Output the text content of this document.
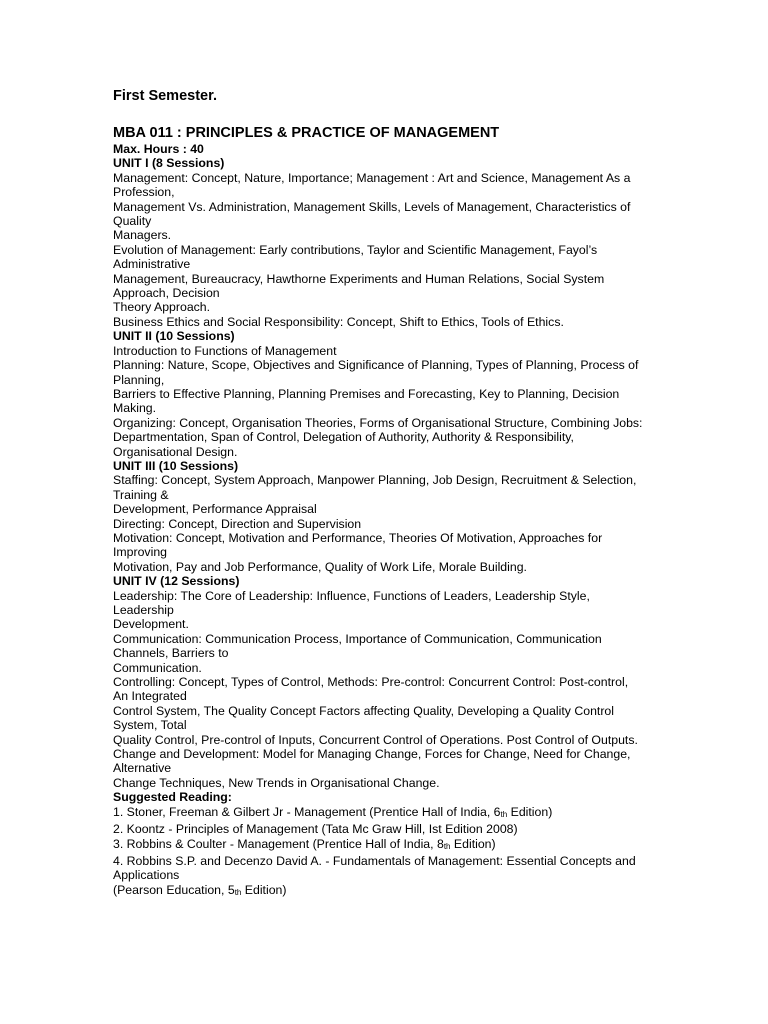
First Semester.
MBA 011 : PRINCIPLES & PRACTICE OF MANAGEMENT
Max. Hours : 40
UNIT I (8 Sessions)
Management: Concept, Nature, Importance; Management : Art and Science, Management As a
Profession,
Management Vs. Administration, Management Skills, Levels of Management, Characteristics of
Quality
Managers.
Evolution of Management: Early contributions, Taylor and Scientific Management, Fayol’s
Administrative
Management, Bureaucracy, Hawthorne Experiments and Human Relations, Social System
Approach, Decision
Theory Approach.
Business Ethics and Social Responsibility: Concept, Shift to Ethics, Tools of Ethics.
UNIT II (10 Sessions)
Introduction to Functions of Management
Planning: Nature, Scope, Objectives and Significance of Planning, Types of Planning, Process of
Planning,
Barriers to Effective Planning, Planning Premises and Forecasting, Key to Planning, Decision
Making.
Organizing: Concept, Organisation Theories, Forms of Organisational Structure, Combining Jobs:
Departmentation, Span of Control, Delegation of Authority, Authority & Responsibility,
Organisational Design.
UNIT III (10 Sessions)
Staffing: Concept, System Approach, Manpower Planning, Job Design, Recruitment & Selection,
Training &
Development, Performance Appraisal
Directing: Concept, Direction and Supervision
Motivation: Concept, Motivation and Performance, Theories Of Motivation, Approaches for
Improving
Motivation, Pay and Job Performance, Quality of Work Life, Morale Building.
UNIT IV (12 Sessions)
Leadership: The Core of Leadership: Influence, Functions of Leaders, Leadership Style,
Leadership
Development.
Communication: Communication Process, Importance of Communication, Communication
Channels, Barriers to
Communication.
Controlling: Concept, Types of Control, Methods: Pre-control: Concurrent Control: Post-control,
An Integrated
Control System, The Quality Concept Factors affecting Quality, Developing a Quality Control
System, Total
Quality Control, Pre-control of Inputs, Concurrent Control of Operations. Post Control of Outputs.
Change and Development: Model for Managing Change, Forces for Change, Need for Change,
Alternative
Change Techniques, New Trends in Organisational Change.
Suggested Reading:
1. Stoner, Freeman & Gilbert Jr - Management (Prentice Hall of India, $6_{th}$ Edition)
2. Koontz - Principles of Management (Tata Mc Graw Hill, Ist Edition 2008)
3. Robbins & Coulter - Management (Prentice Hall of India, $8_{th}$ Edition)
4. Robbins S.P. and Decenzo David A. - Fundamentals of Management: Essential Concepts and
Applications
(Pearson Education, $5_{th}$ Edition)
